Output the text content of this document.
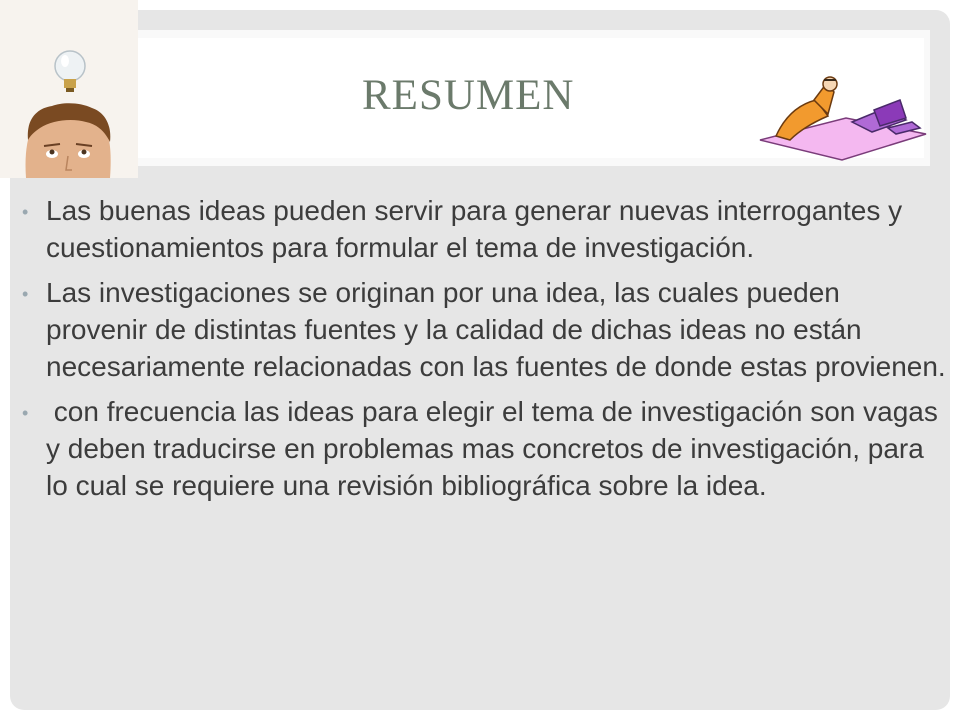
RESUMEN
• Las buenas ideas pueden servir para generar nuevas interrogantes y cuestionamientos para formular el tema de investigación.
• Las investigaciones se originan por una idea, las cuales pueden provenir de distintas fuentes y la calidad de dichas ideas no están necesariamente relacionadas con las fuentes de donde estas provienen.
• con frecuencia las ideas para elegir el tema de investigación son vagas y deben traducirse en problemas mas concretos de investigación, para lo cual se requiere una revisión bibliográfica sobre la idea.
